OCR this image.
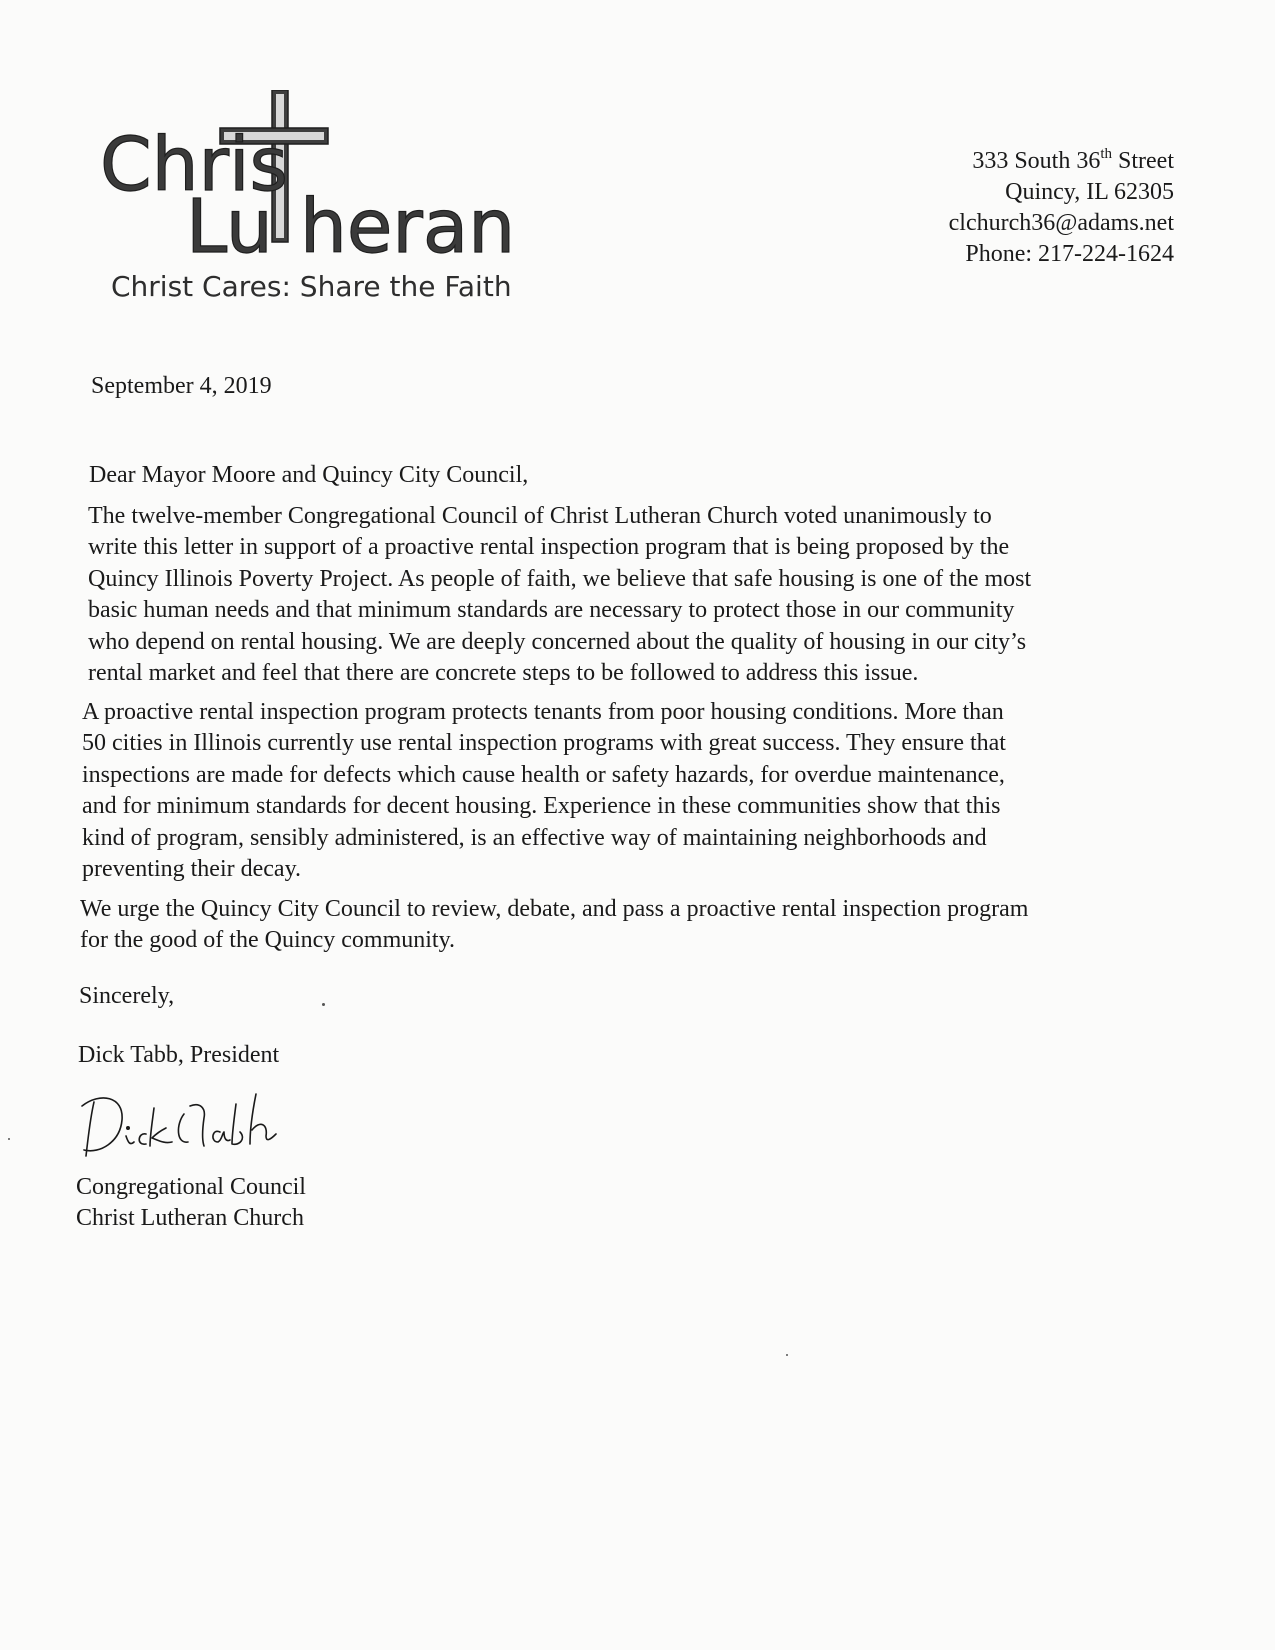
Chris
Lu heran
Christ Cares: Share the Faith
333 South 36th Street
Quincy, IL 62305
clchurch36@adams.net
Phone: 217-224-1624
September 4, 2019
Dear Mayor Moore and Quincy City Council,

The twelve-member Congregational Council of Christ Lutheran Church voted unanimously to
write this letter in support of a proactive rental inspection program that is being proposed by the
Quincy Illinois Poverty Project. As people of faith, we believe that safe housing is one of the most
basic human needs and that minimum standards are necessary to protect those in our community
who depend on rental housing. We are deeply concerned about the quality of housing in our city’s
rental market and feel that there are concrete steps to be followed to address this issue.

A proactive rental inspection program protects tenants from poor housing conditions. More than
50 cities in Illinois currently use rental inspection programs with great success. They ensure that
inspections are made for defects which cause health or safety hazards, for overdue maintenance,
and for minimum standards for decent housing. Experience in these communities show that this
kind of program, sensibly administered, is an effective way of maintaining neighborhoods and
preventing their decay.

We urge the Quincy City Council to review, debate, and pass a proactive rental inspection program
for the good of the Quincy community.

Sincerely,
Dick Tabb, President
Congregational Council
Christ Lutheran Church
